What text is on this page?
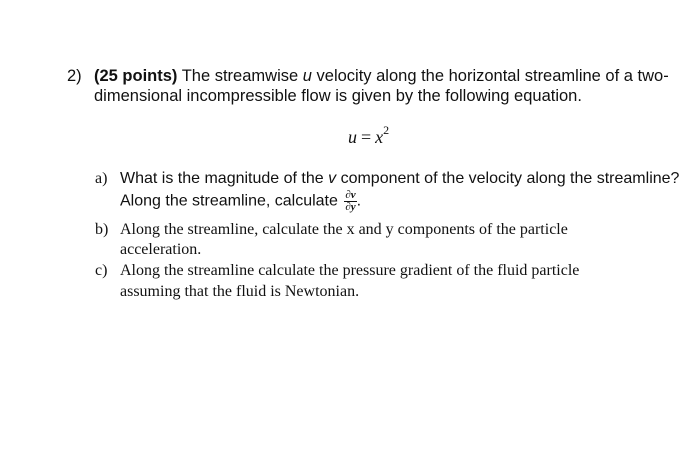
2) (25 points) The streamwise u velocity along the horizontal streamline of a two-
dimensional incompressible flow is given by the following equation.
$u = x^2$
a) What is the magnitude of the v component of the velocity along the streamline?
Along the streamline, calculate $\frac{\partial v}{\partial y}$ .
b) Along the streamline, calculate the x and y components of the particle
acceleration.
c) Along the streamline calculate the pressure gradient of the fluid particle
assuming that the fluid is Newtonian.
